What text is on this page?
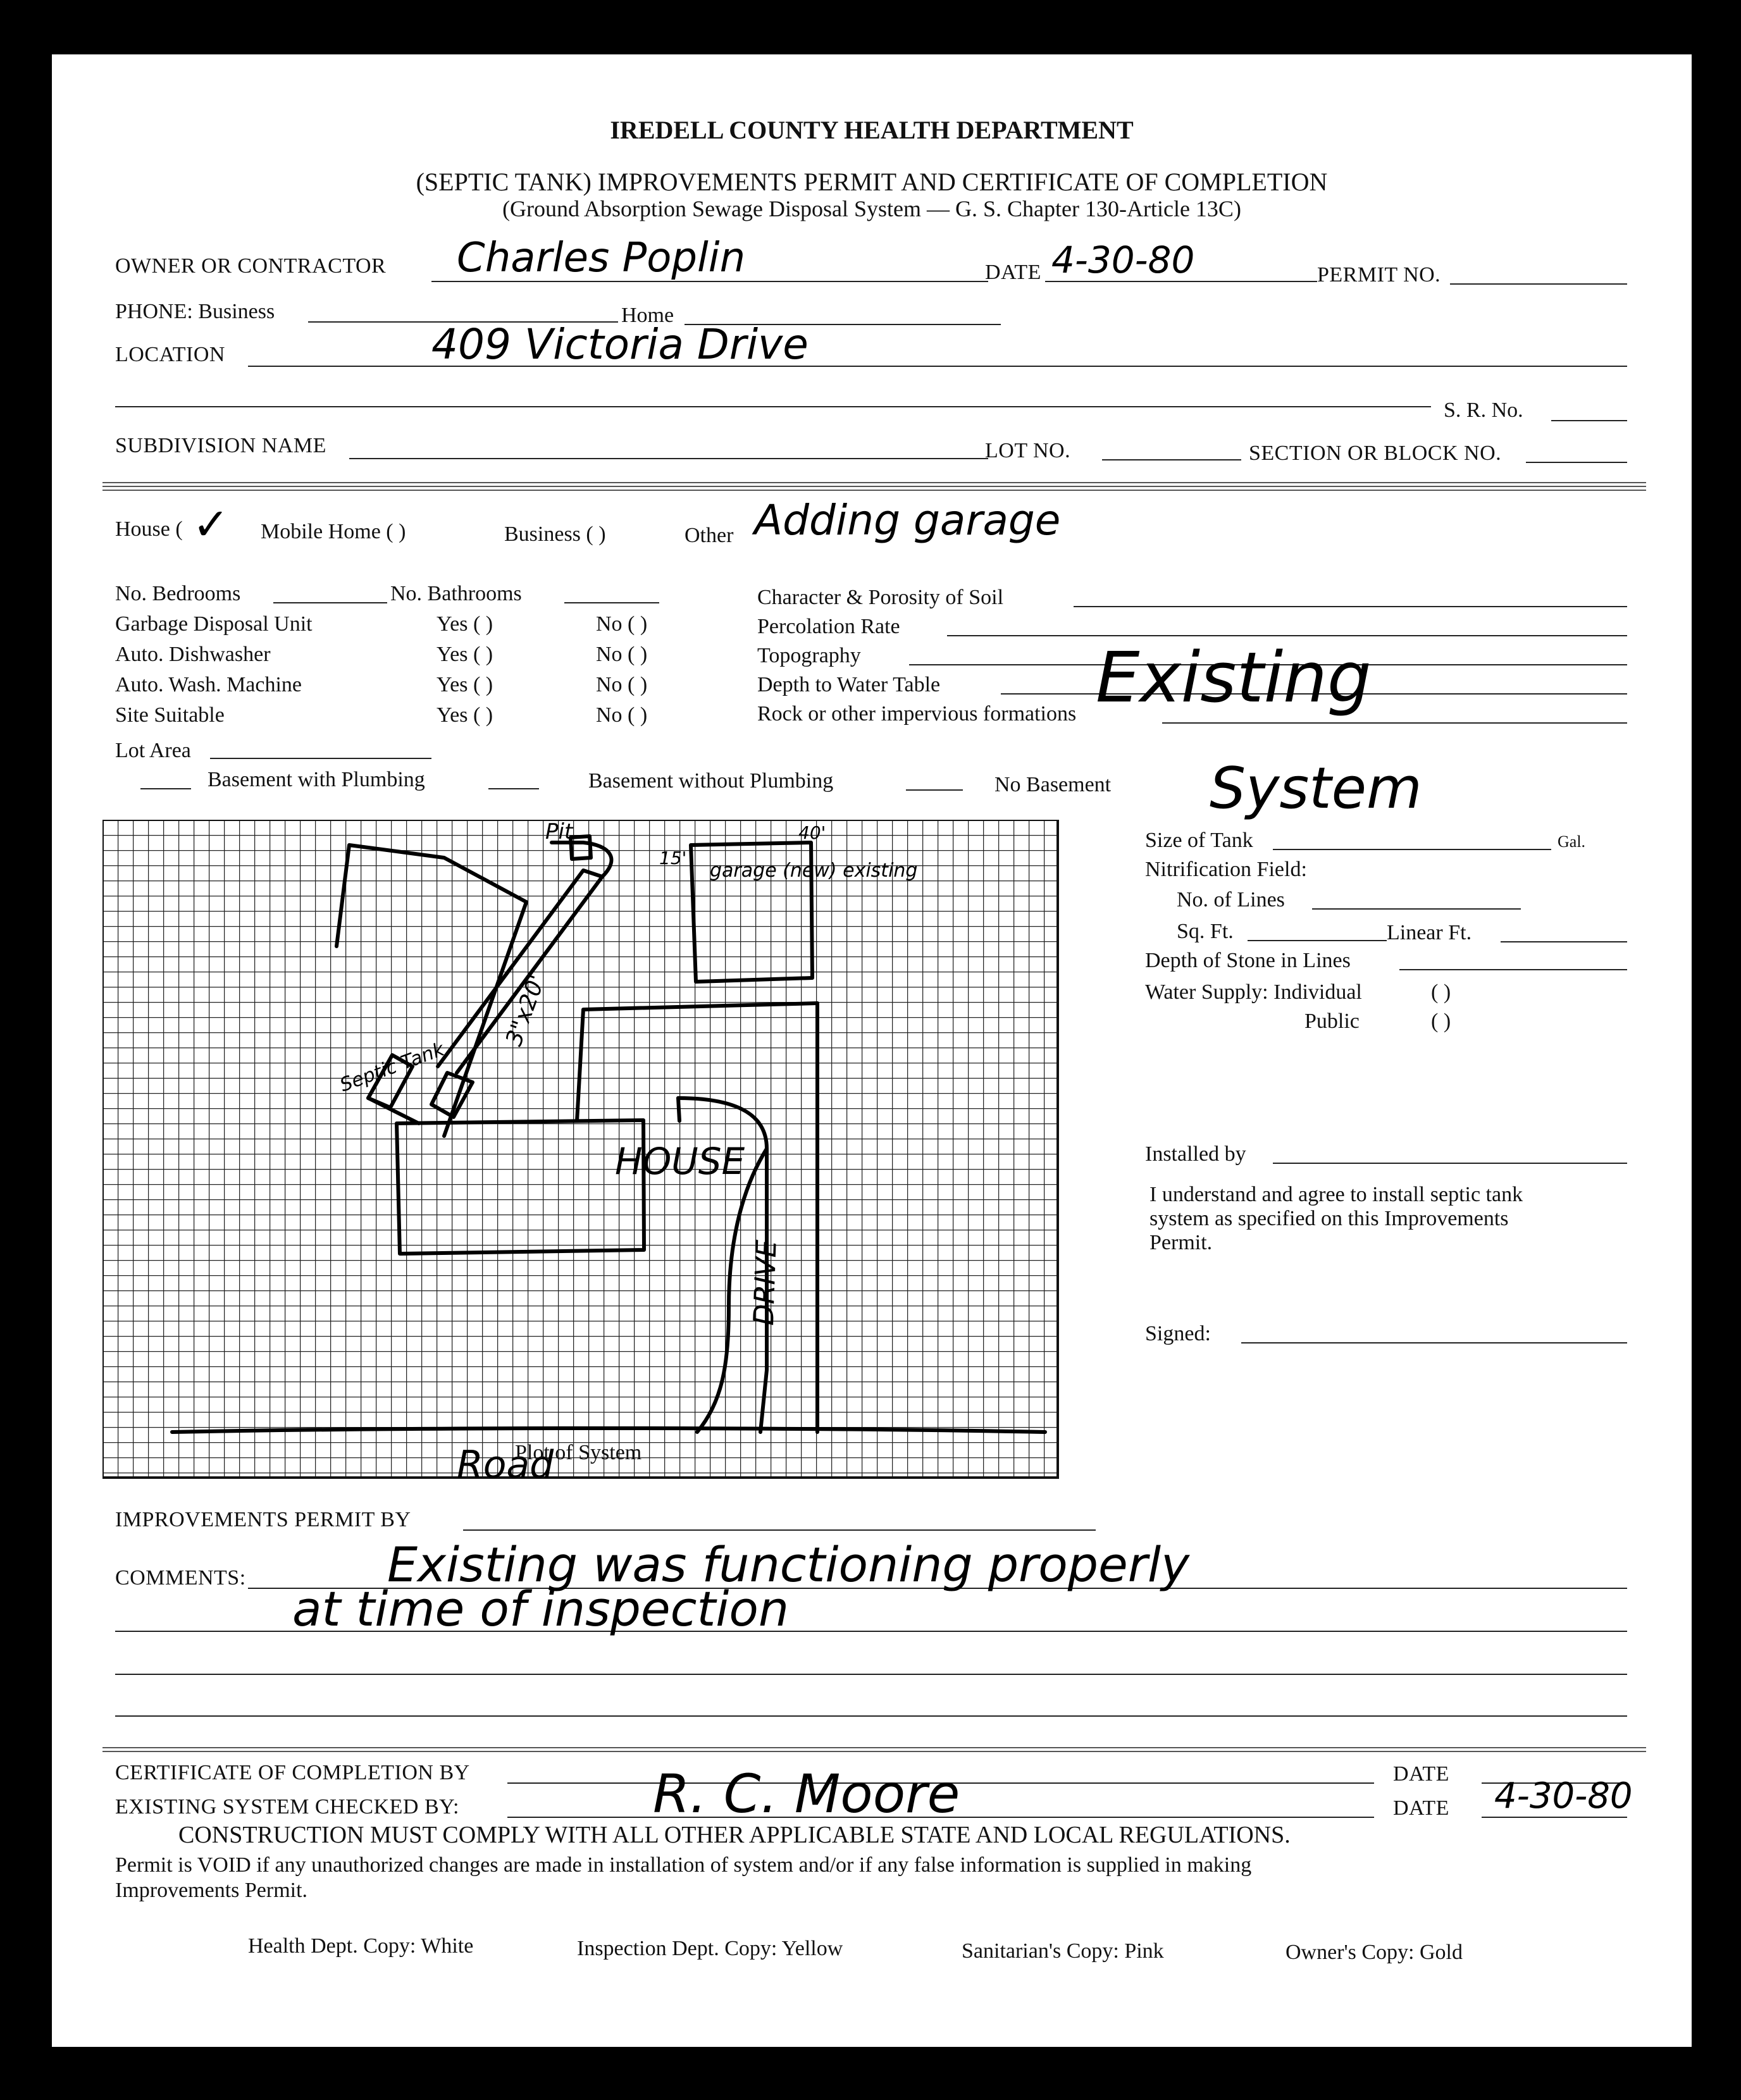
IREDELL COUNTY HEALTH DEPARTMENT
(SEPTIC TANK) IMPROVEMENTS PERMIT AND CERTIFICATE OF COMPLETION
(Ground Absorption Sewage Disposal System — G. S. Chapter 130-Article 13C)
OWNER OR CONTRACTOR Charles Poplin	DATE 4-30-80	PERMIT NO.
PHONE: Business	Home
LOCATION	409 Victoria Drive
S. R. No.
SUBDIVISION NAME	LOT NO.	SECTION OR BLOCK NO.
House ( ✓ Mobile Home ( )	Business ( )	Other Adding garage
No. Bedrooms	No. Bathrooms
Garbage Disposal Unit	Yes ( )	No ( )
Auto. Dishwasher	Yes ( )	No ( )
Auto. Wash. Machine	Yes ( )	No ( )
Site Suitable	Yes ( )	No ( )
Lot Area
Character & Porosity of Soil
Percolation Rate
Topography
Depth to Water Table
Rock or other impervious formations Existing
Basement with Plumbing	Basement without Plumbing	No Basement System
HOUSE
DRIVE
Pit
3"x20'
garage (new) existing
15'
40'
Septic Tank
Road
Plot of System
Size of Tank	Gal.
Nitrification Field:
No. of Lines
Sq. Ft.	Linear Ft.
Depth of Stone in Lines
Water Supply: Individual	( )
Public	( )
Installed by
I understand and agree to install septic tank
system as specified on this Improvements
Permit.
Signed:
IMPROVEMENTS PERMIT BY
COMMENTS:	Existing was functioning properly
at time of inspection
CERTIFICATE OF COMPLETION BY	DATE
EXISTING SYSTEM CHECKED BY:	R. C. Moore	DATE 4-30-80
CONSTRUCTION MUST COMPLY WITH ALL OTHER APPLICABLE STATE AND LOCAL REGULATIONS.
Permit is VOID if any unauthorized changes are made in installation of system and/or if any false information is supplied in making
Improvements Permit.
Health Dept. Copy: White	Inspection Dept. Copy: Yellow	Sanitarian's Copy: Pink	Owner's Copy: Gold
